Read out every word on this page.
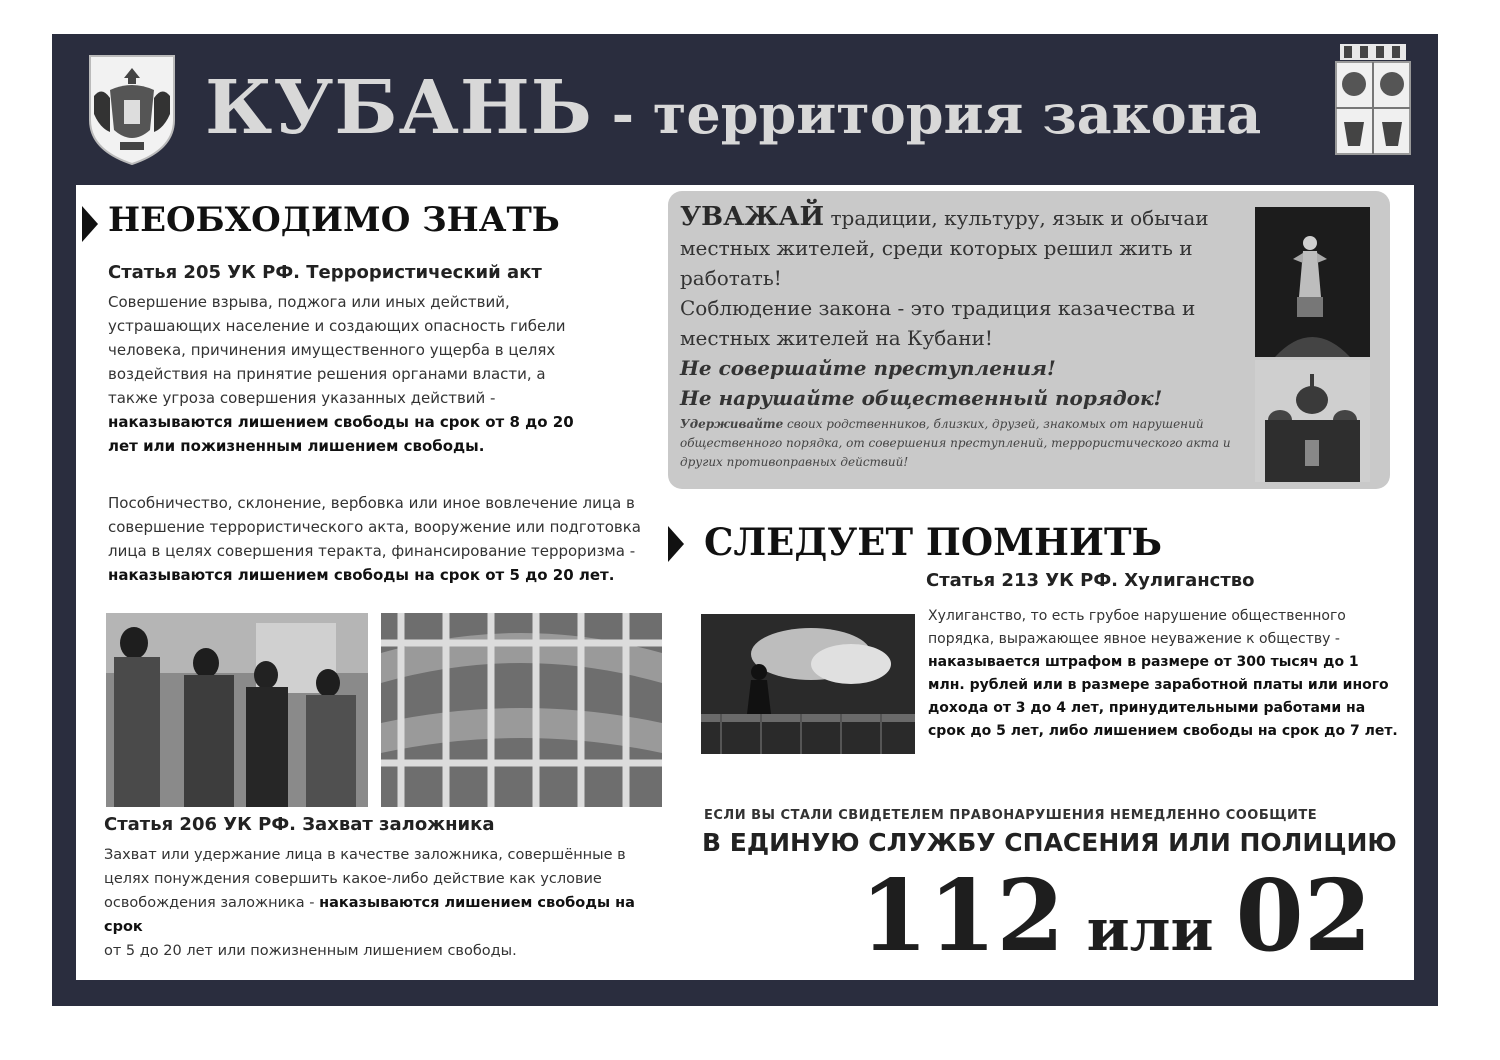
КУБАНЬ - территория закона
НЕОБХОДИМО ЗНАТЬ
Статья 205 УК РФ. Террористический акт
Совершение взрыва, поджога или иных действий, устрашающих население и создающих опасность гибели человека, причинения имущественного ущерба в целях воздействия на принятие решения органами власти, а также угроза совершения указанных действий - наказываются лишением свободы на срок от 8 до 20 лет или пожизненным лишением свободы.
Пособничество, склонение, вербовка или иное вовлечение лица в совершение террористического акта, вооружение или подготовка лица в целях совершения теракта, финансирование терроризма - наказываются лишением свободы на срок от 5 до 20 лет.
Статья 206 УК РФ. Захват заложника
Захват или удержание лица в качестве заложника, совершённые в целях понуждения совершить какое-либо действие как условие освобождения заложника - наказываются лишением свободы на срок
от 5 до 20 лет или пожизненным лишением свободы.
УВАЖАЙ традиции, культуру, язык и обычаи местных жителей, среди которых решил жить и работать!
Соблюдение закона - это традиция казачества и местных жителей на Кубани!
Не совершайте преступления!
Не нарушайте общественный порядок!
Удерживайте своих родственников, близких, друзей, знакомых от нарушений общественного порядка, от совершения преступлений, террористического акта и других противоправных действий!
СЛЕДУЕТ ПОМНИТЬ
Статья 213 УК РФ. Хулиганство
Хулиганство, то есть грубое нарушение общественного порядка, выражающее явное неуважение к обществу - наказывается штрафом в размере от 300 тысяч до 1 млн. рублей или в размере заработной платы или иного дохода от 3 до 4 лет, принудительными работами на срок до 5 лет, либо лишением свободы на срок до 7 лет.
ЕСЛИ ВЫ СТАЛИ СВИДЕТЕЛЕМ ПРАВОНАРУШЕНИЯ НЕМЕДЛЕННО СООБЩИТЕ
В ЕДИНУЮ СЛУЖБУ СПАСЕНИЯ ИЛИ ПОЛИЦИЮ
112 или 02
